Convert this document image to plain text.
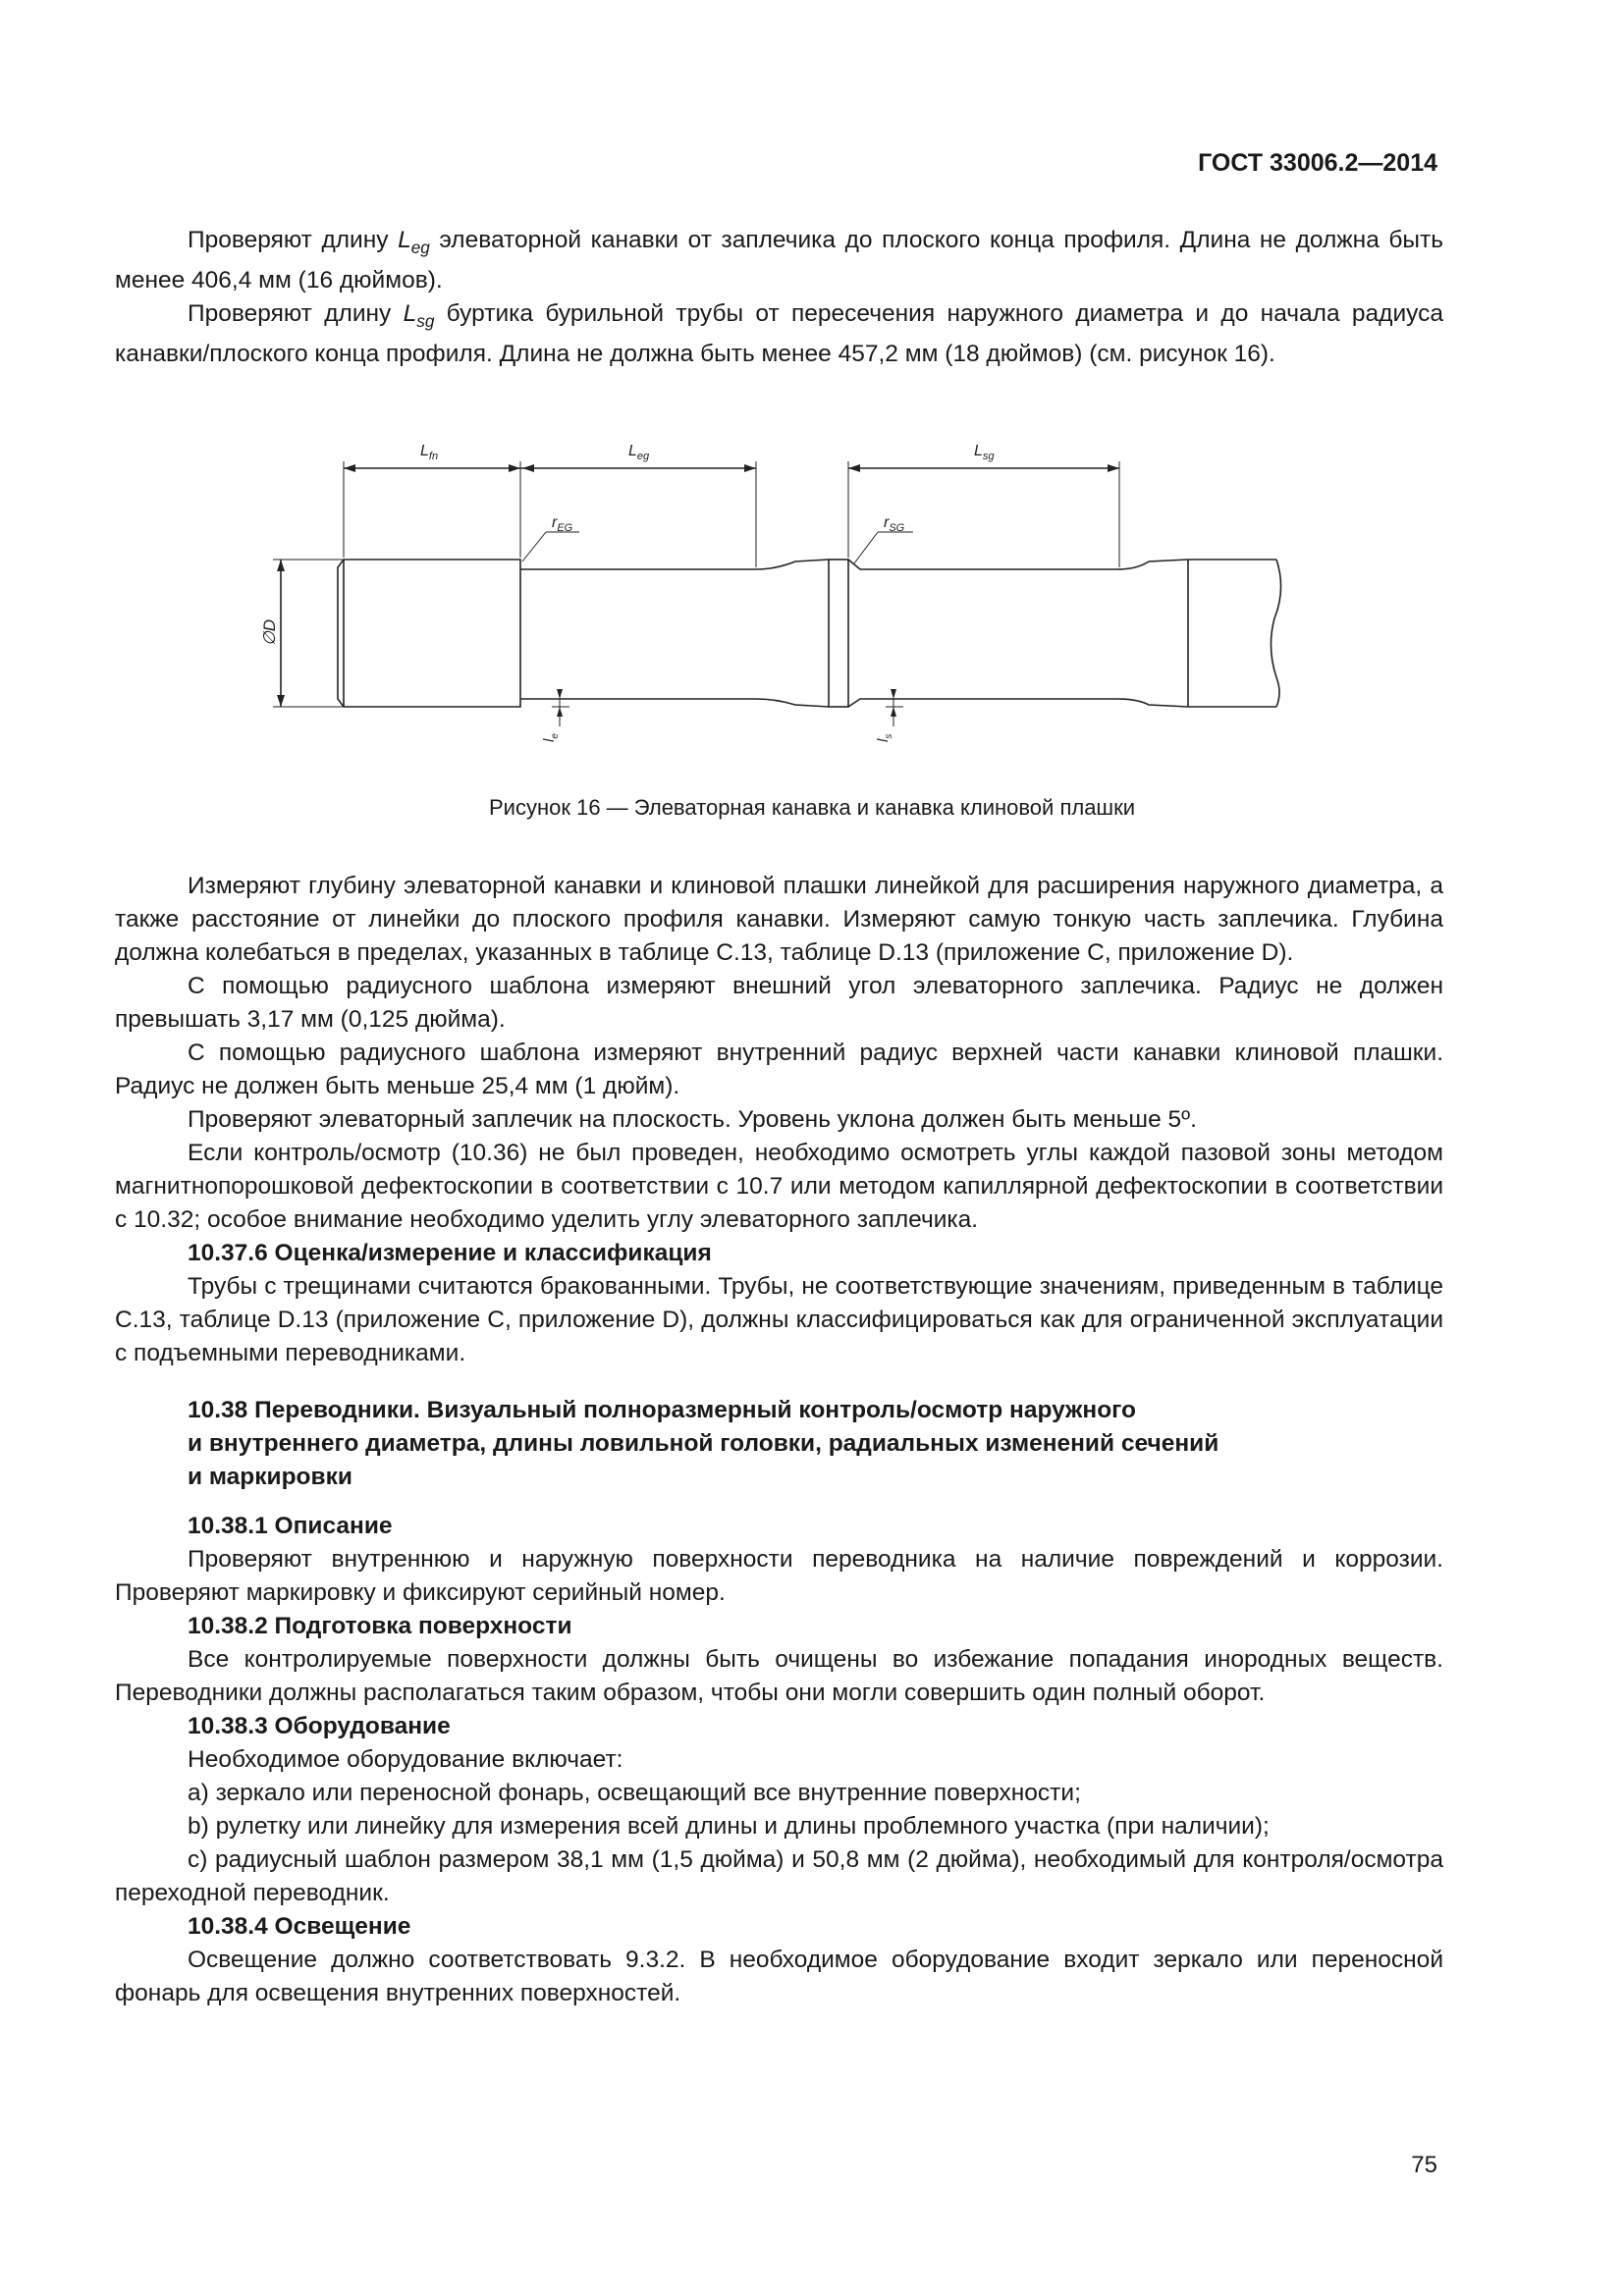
ГОСТ 33006.2—2014

Проверяют длину $L_{eg}$ элеваторной канавки от заплечика до плоского конца профиля. Длина не должна быть менее 406,4 мм (16 дюймов).

Проверяют длину $L_{sg}$ буртика бурильной трубы от пересечения наружного диаметра и до начала радиуса канавки/плоского конца профиля. Длина не должна быть менее 457,2 мм (18 дюймов) (см. рисунок 16).

∅D
$L_{fn}$	$L_{eg}$	$L_{sg}$
$r_{EG}$	$r_{SG}$
$l_e$
$l_s$
Рисунок 16 — Элеваторная канавка и канавка клиновой плашки

Измеряют глубину элеваторной канавки и клиновой плашки линейкой для расширения наружного диаметра, а также расстояние от линейки до плоского профиля канавки. Измеряют самую тонкую часть заплечика. Глубина должна колебаться в пределах, указанных в таблице С.13, таблице D.13 (приложение С, приложение D).

С помощью радиусного шаблона измеряют внешний угол элеваторного заплечика. Радиус не должен превышать 3,17 мм (0,125 дюйма).

С помощью радиусного шаблона измеряют внутренний радиус верхней части канавки клиновой плашки. Радиус не должен быть меньше 25,4 мм (1 дюйм).

Проверяют элеваторный заплечик на плоскость. Уровень уклона должен быть меньше 5º.

Если контроль/осмотр (10.36) не был проведен, необходимо осмотреть углы каждой пазовой зоны методом магнитнопорошковой дефектоскопии в соответствии с 10.7 или методом капиллярной дефектоскопии в соответствии с 10.32; особое внимание необходимо уделить углу элеваторного заплечика.

10.37.6 Оценка/измерение и классификация

Трубы с трещинами считаются бракованными. Трубы, не соответствующие значениям, приведенным в таблице С.13, таблице D.13 (приложение С, приложение D), должны классифицироваться как для ограниченной эксплуатации с подъемными переводниками.

10.38 Переводники. Визуальный полноразмерный контроль/осмотр наружного

и внутреннего диаметра, длины ловильной головки, радиальных изменений сечений

и маркировки

10.38.1 Описание

Проверяют внутреннюю и наружную поверхности переводника на наличие повреждений и коррозии. Проверяют маркировку и фиксируют серийный номер.

10.38.2 Подготовка поверхности

Все контролируемые поверхности должны быть очищены во избежание попадания инородных веществ. Переводники должны располагаться таким образом, чтобы они могли совершить один полный оборот.

10.38.3 Оборудование

Необходимое оборудование включает:

а) зеркало или переносной фонарь, освещающий все внутренние поверхности;

b) рулетку или линейку для измерения всей длины и длины проблемного участка (при наличии);

с) радиусный шаблон размером 38,1 мм (1,5 дюйма) и 50,8 мм (2 дюйма), необходимый для контроля/осмотра переходной переводник.

10.38.4 Освещение

Освещение должно соответствовать 9.3.2. В необходимое оборудование входит зеркало или переносной фонарь для освещения внутренних поверхностей.

75
